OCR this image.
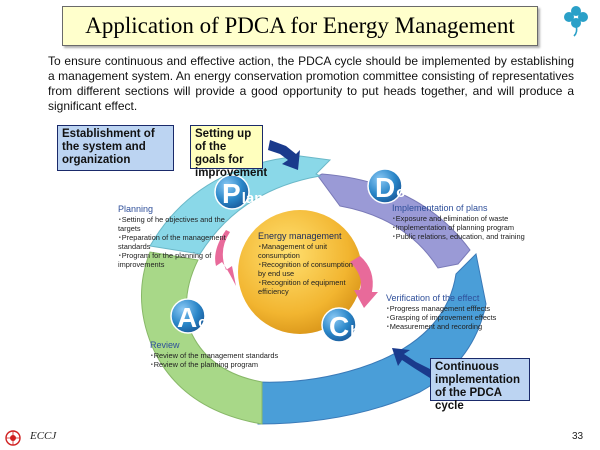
Plan	Do
Check
Action
Application of PDCA for Energy Management

To ensure continuous and effective action, the PDCA cycle should be implemented by establishing a management system. An energy conservation promotion committee consisting of representatives from different sections will provide a good opportunity to put heads together, and will produce a significant effect.

Establishment of the system and organization
Setting up of the goals for improvement
Continuous implementation of the PDCA cycle
Planning
･Setting of he objectives and the targets
･Preparation of the management standards
･Program for the planning of improvements
Implementation of plans
･Exposure and elimination of waste
･Implementation of planning program
･Public relations, education, and training
Verification of the effect
･Progress management efffects
･Grasping of improvement effects
･Measurement and recording
Review
･Review of the management standards
･Review of the planning program
Energy management
･Management of unit consumption
･Recognition of consumption by end use
･Recognition of equipment efficiency
ECCJ	33
